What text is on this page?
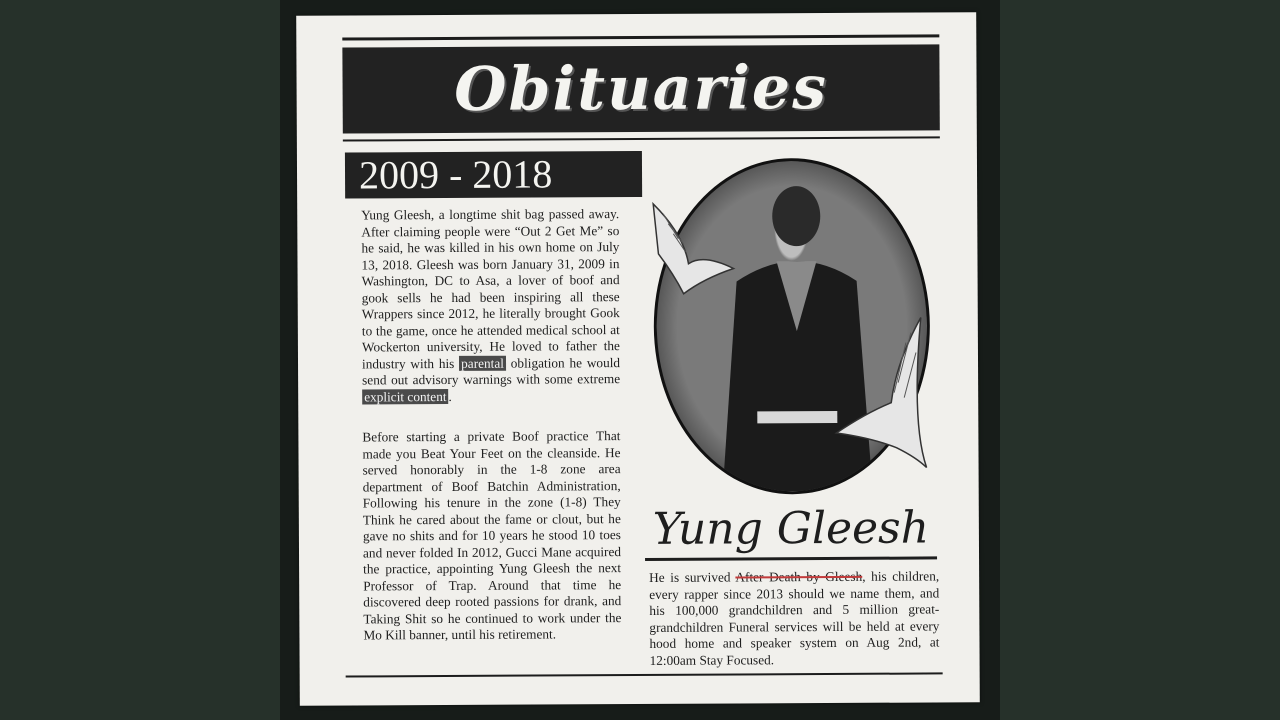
Obituaries
2009 - 2018
Yung Gleesh, a longtime shit bag passed away. After claiming people were “Out 2 Get Me” so he said, he was killed in his own home on July 13, 2018. Gleesh was born January 31, 2009 in Washington, DC to Asa, a lover of boof and gook sells he had been inspiring all these Wrappers since 2012, he literally brought Gook to the game, once he attended medical school at Wockerton university, He loved to father the industry with his parental obligation he would send out advisory warnings with some extreme explicit content .
Before starting a private Boof practice That made you Beat Your Feet on the cleanside. He served honorably in the 1-8 zone area department of Boof Batchin Administration, Following his tenure in the zone (1-8) They Think he cared about the fame or clout, but he gave no shits and for 10 years he stood 10 toes and never folded In 2012, Gucci Mane acquired the practice, appointing Yung Gleesh the next Professor of Trap. Around that time he discovered deep rooted passions for drank, and Taking Shit so he continued to work under the Mo Kill banner, until his retirement.
Yung Gleesh
He is survived After Death by Gleesh, his children, every rapper since 2013 should we name them, and his 100,000 grandchildren and 5 million great-grandchildren Funeral services will be held at every hood home and speaker system on Aug 2nd, at 12:00am Stay Focused.
